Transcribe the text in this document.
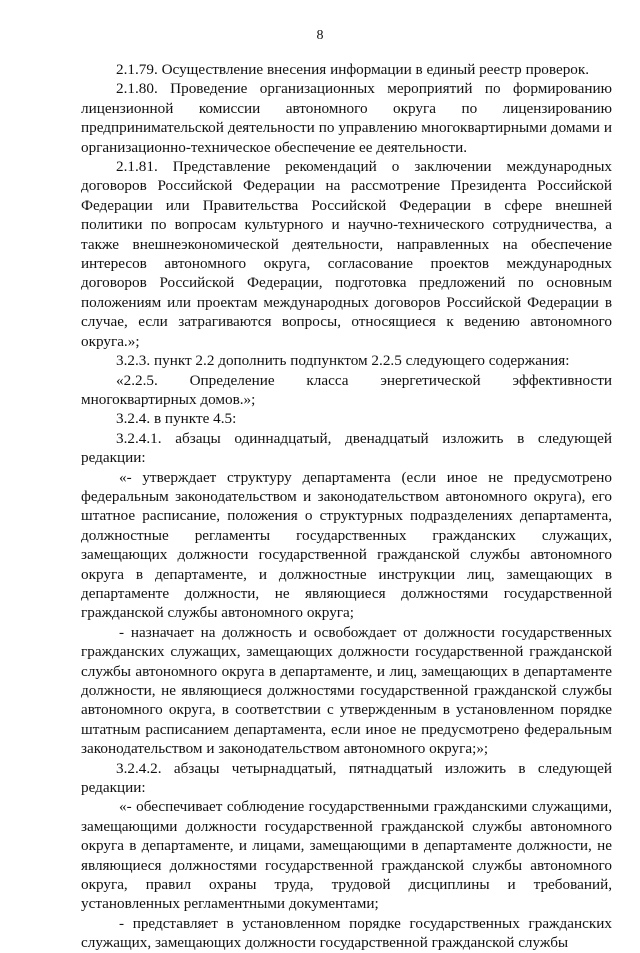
8

2.1.79. Осуществление внесения информации в единый реестр проверок.

2.1.80. Проведение организационных мероприятий по формированию лицензионной комиссии автономного округа по лицензированию предпринимательской деятельности по управлению многоквартирными домами и организационно-техническое обеспечение ее деятельности.

2.1.81. Представление рекомендаций о заключении международных договоров Российской Федерации на рассмотрение Президента Российской Федерации или Правительства Российской Федерации в сфере внешней политики по вопросам культурного и научно-технического сотрудничества, а также внешнеэкономической деятельности, направленных на обеспечение интересов автономного округа, согласование проектов международных договоров Российской Федерации, подготовка предложений по основным положениям или проектам международных договоров Российской Федерации в случае, если затрагиваются вопросы, относящиеся к ведению автономного округа.»;

3.2.3. пункт 2.2 дополнить подпунктом 2.2.5 следующего содержания:

«2.2.5. Определение класса энергетической эффективности многоквартирных домов.»;

3.2.4. в пункте 4.5:

3.2.4.1. абзацы одиннадцатый, двенадцатый изложить в следующей редакции:

«- утверждает структуру департамента (если иное не предусмотрено федеральным законодательством и законодательством автономного округа), его штатное расписание, положения о структурных подразделениях департамента, должностные регламенты государственных гражданских служащих, замещающих должности государственной гражданской службы автономного округа в департаменте, и должностные инструкции лиц, замещающих в департаменте должности, не являющиеся должностями государственной гражданской службы автономного округа;

- назначает на должность и освобождает от должности государственных гражданских служащих, замещающих должности государственной гражданской службы автономного округа в департаменте, и лиц, замещающих в департаменте должности, не являющиеся должностями государственной гражданской службы автономного округа, в соответствии с утвержденным в установленном порядке штатным расписанием департамента, если иное не предусмотрено федеральным законодательством и законодательством автономного округа;»;

3.2.4.2. абзацы четырнадцатый, пятнадцатый изложить в следующей редакции:

«- обеспечивает соблюдение государственными гражданскими служащими, замещающими должности государственной гражданской службы автономного округа в департаменте, и лицами, замещающими в департаменте должности, не являющиеся должностями государственной гражданской службы автономного округа, правил охраны труда, трудовой дисциплины и требований, установленных регламентными документами;

- представляет в установленном порядке государственных гражданских служащих, замещающих должности государственной гражданской службы
